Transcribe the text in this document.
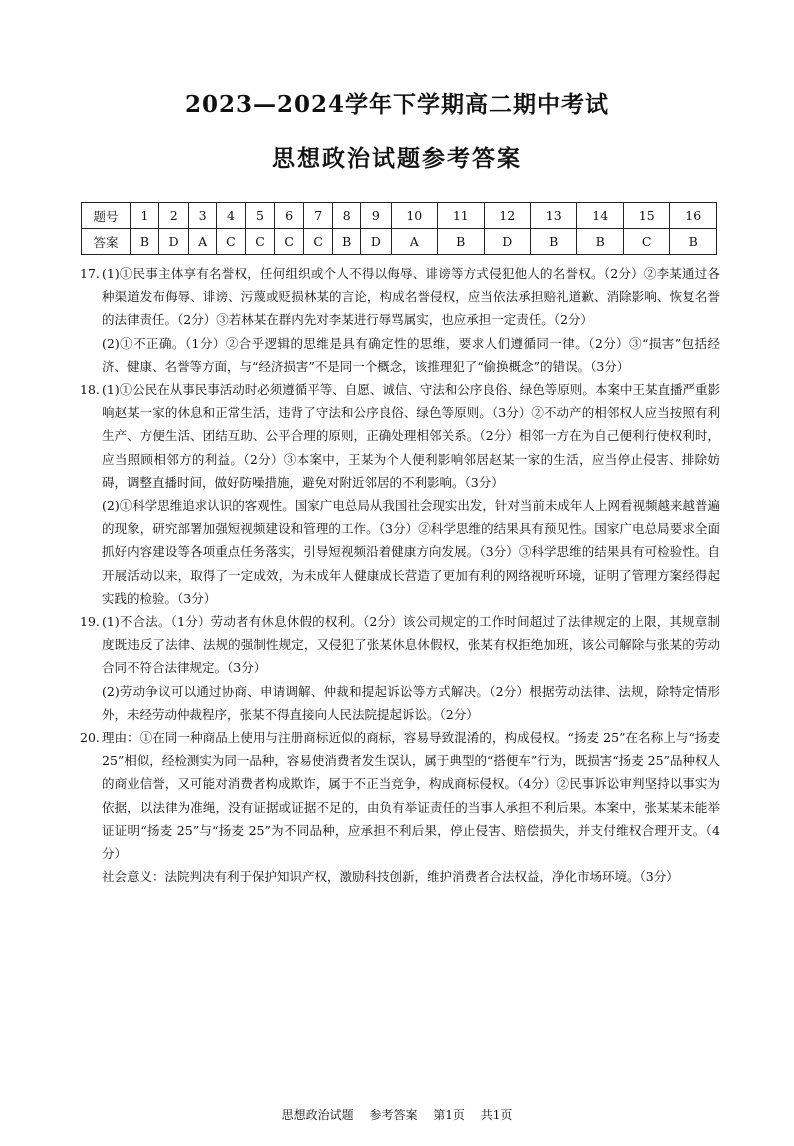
2023—2024学年下学期高二期中考试
思想政治试题参考答案
题号	1	2	3	4	5	6	7	8	9	10	11	12	13	14	15	16
答案	B	D	A	C	C	C	C	B	D	A	B	D	B	B	C	B
17. (1)①民事主体享有名誉权，任何组织或个人不得以侮辱、诽谤等方式侵犯他人的名誉权。（2分）②李某通过各种渠道发布侮辱、诽谤、污蔑或贬损林某的言论，构成名誉侵权，应当依法承担赔礼道歉、消除影响、恢复名誉的法律责任。（2分）③若林某在群内先对李某进行辱骂属实，也应承担一定责任。（2分）

(2)①不正确。（1分）②合乎逻辑的思维是具有确定性的思维，要求人们遵循同一律。（2分）③“损害”包括经济、健康、名誉等方面，与“经济损害”不是同一个概念，该推理犯了“偷换概念”的错误。（3分）

18. (1)①公民在从事民事活动时必须遵循平等、自愿、诚信、守法和公序良俗、绿色等原则。本案中王某直播严重影响赵某一家的休息和正常生活，违背了守法和公序良俗、绿色等原则。（3分）②不动产的相邻权人应当按照有利生产、方便生活、团结互助、公平合理的原则，正确处理相邻关系。（2分）相邻一方在为自己便利行使权利时，应当照顾相邻方的利益。（2分）③本案中，王某为个人便利影响邻居赵某一家的生活，应当停止侵害、排除妨碍，调整直播时间，做好防噪措施，避免对附近邻居的不利影响。（3分）

(2)①科学思维追求认识的客观性。国家广电总局从我国社会现实出发，针对当前未成年人上网看视频越来越普遍的现象，研究部署加强短视频建设和管理的工作。（3分）②科学思维的结果具有预见性。国家广电总局要求全面抓好内容建设等各项重点任务落实，引导短视频沿着健康方向发展。（3分）③科学思维的结果具有可检验性。自开展活动以来，取得了一定成效，为未成年人健康成长营造了更加有利的网络视听环境，证明了管理方案经得起实践的检验。（3分）

19. (1)不合法。（1分）劳动者有休息休假的权利。（2分）该公司规定的工作时间超过了法律规定的上限，其规章制度既违反了法律、法规的强制性规定，又侵犯了张某休息休假权，张某有权拒绝加班，该公司解除与张某的劳动合同不符合法律规定。（3分）

(2)劳动争议可以通过协商、申请调解、仲裁和提起诉讼等方式解决。（2分）根据劳动法律、法规，除特定情形外，未经劳动仲裁程序，张某不得直接向人民法院提起诉讼。（2分）

20. 理由：①在同一种商品上使用与注册商标近似的商标，容易导致混淆的，构成侵权。“扬麦 25”在名称上与“扬麦 25”相似，经检测实为同一品种，容易使消费者发生误认，属于典型的“搭便车”行为，既损害“扬麦 25”品种权人的商业信誉，又可能对消费者构成欺诈，属于不正当竞争，构成商标侵权。（4分）②民事诉讼审判坚持以事实为依据，以法律为准绳，没有证据或证据不足的，由负有举证责任的当事人承担不利后果。本案中，张某某未能举证证明“扬麦 25”与“扬麦 25”为不同品种，应承担不利后果，停止侵害、赔偿损失，并支付维权合理开支。（4分）

社会意义：法院判决有利于保护知识产权，激励科技创新，维护消费者合法权益，净化市场环境。（3分）

思想政治试题 参考答案 第1页 共1页
